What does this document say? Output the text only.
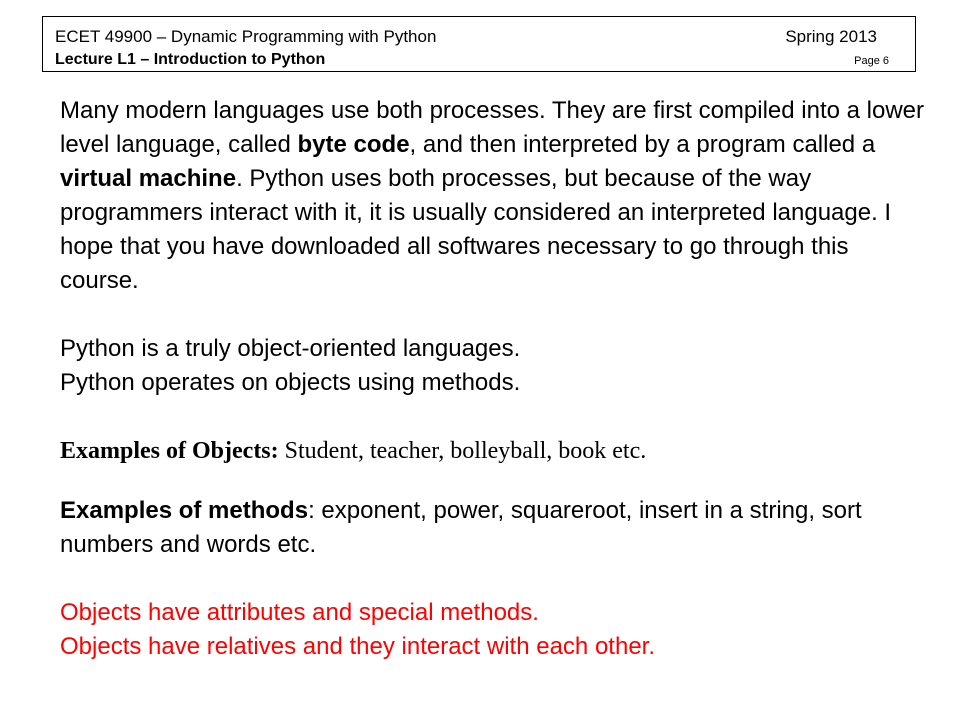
ECET 49900 – Dynamic Programming with Python	Spring 2013
Lecture L1 – Introduction to Python	Page 6

Many modern languages use both processes. They are first compiled into a lower level language, called byte code, and then interpreted by a program called a virtual machine. Python uses both processes, but because of the way programmers interact with it, it is usually considered an interpreted language. I hope that you have downloaded all softwares necessary to go through this course.

Python is a truly object-oriented languages.

Python operates on objects using methods.

Examples of Objects: Student, teacher, bolleyball, book etc.

Examples of methods: exponent, power, squareroot, insert in a string, sort numbers and words etc.

Objects have attributes and special methods.

Objects have relatives and they interact with each other.
